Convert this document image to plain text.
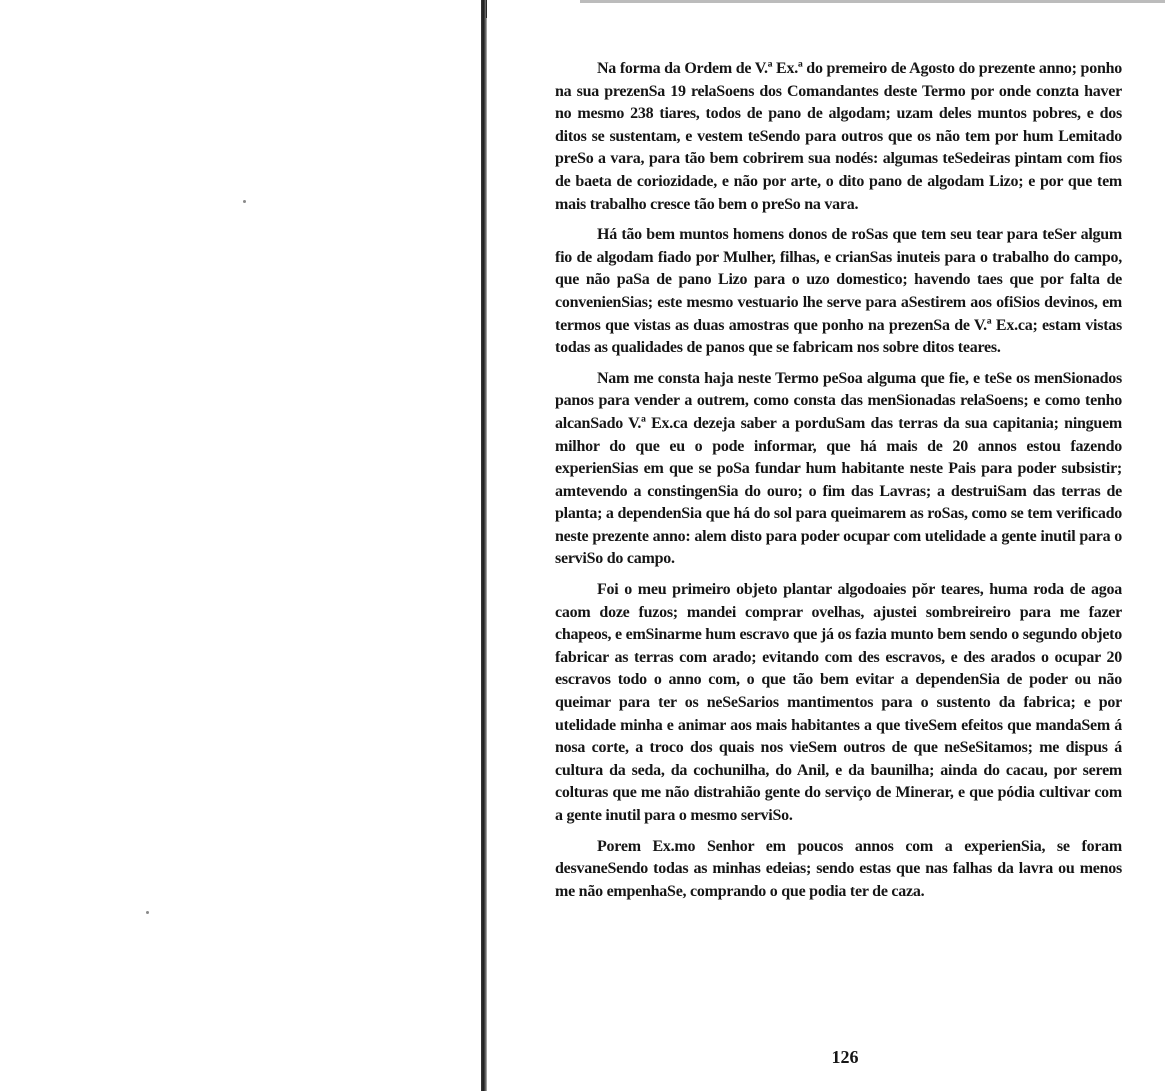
Na forma da Ordem de V.ª Ex.ª do premeiro de Agosto do prezente anno; ponho na sua prezenSa 19 relaSoens dos Comandantes deste Termo por onde conzta haver no mesmo 238 tiares, todos de pano de algodam; uzam deles muntos pobres, e dos ditos se sustentam, e vestem teSendo para outros que os não tem por hum Lemitado preSo a vara, para tão bem cobrirem sua nodés: algumas teSedeiras pintam com fios de baeta de coriozidade, e não por arte, o dito pano de algodam Lizo; e por que tem mais trabalho cresce tão bem o preSo na vara.

Há tão bem muntos homens donos de roSas que tem seu tear para teSer algum fio de algodam fiado por Mulher, filhas, e crianSas inuteis para o trabalho do campo, que não paSa de pano Lizo para o uzo domestico; havendo taes que por falta de convenienSias; este mesmo vestuario lhe serve para aSestirem aos ofiSios devinos, em termos que vistas as duas amostras que ponho na prezenSa de V.ª Ex.ca; estam vistas todas as qualidades de panos que se fabricam nos sobre ditos teares.

Nam me consta haja neste Termo peSoa alguma que fie, e teSe os menSionados panos para vender a outrem, como consta das menSionadas relaSoens; e como tenho alcanSado V.ª Ex.ca dezeja saber a porduSam das terras da sua capitania; ninguem milhor do que eu o pode informar, que há mais de 20 annos estou fazendo experienSias em que se poSa fundar hum habitante neste Pais para poder subsistir; amtevendo a constingenSia do ouro; o fim das Lavras; a destruiSam das terras de planta; a dependenSia que há do sol para queimarem as roSas, como se tem verificado neste prezente anno: alem disto para poder ocupar com utelidade a gente inutil para o serviSo do campo.

Foi o meu primeiro objeto plantar algodoaies pŏr teares, huma roda de agoa caom doze fuzos; mandei comprar ovelhas, ajustei sombreireiro para me fazer chapeos, e emSinarme hum escravo que já os fazia munto bem sendo o segundo objeto fabricar as terras com arado; evitando com des escravos, e des arados o ocupar 20 escravos todo o anno com, o que tão bem evitar a dependenSia de poder ou não queimar para ter os neSeSarios mantimentos para o sustento da fabrica; e por utelidade minha e animar aos mais habitantes a que tiveSem efeitos que mandaSem á nosa corte, a troco dos quais nos vieSem outros de que neSeSitamos; me dispus á cultura da seda, da cochunilha, do Anil, e da baunilha; ainda do cacau, por serem colturas que me não distrahião gente do serviço de Minerar, e que pódia cultivar com a gente inutil para o mesmo serviSo.

Porem Ex.mo Senhor em poucos annos com a experienSia, se foram desvaneSendo todas as minhas edeias; sendo estas que nas falhas da lavra ou menos me não empenhaSe, comprando o que podia ter de caza.

126
